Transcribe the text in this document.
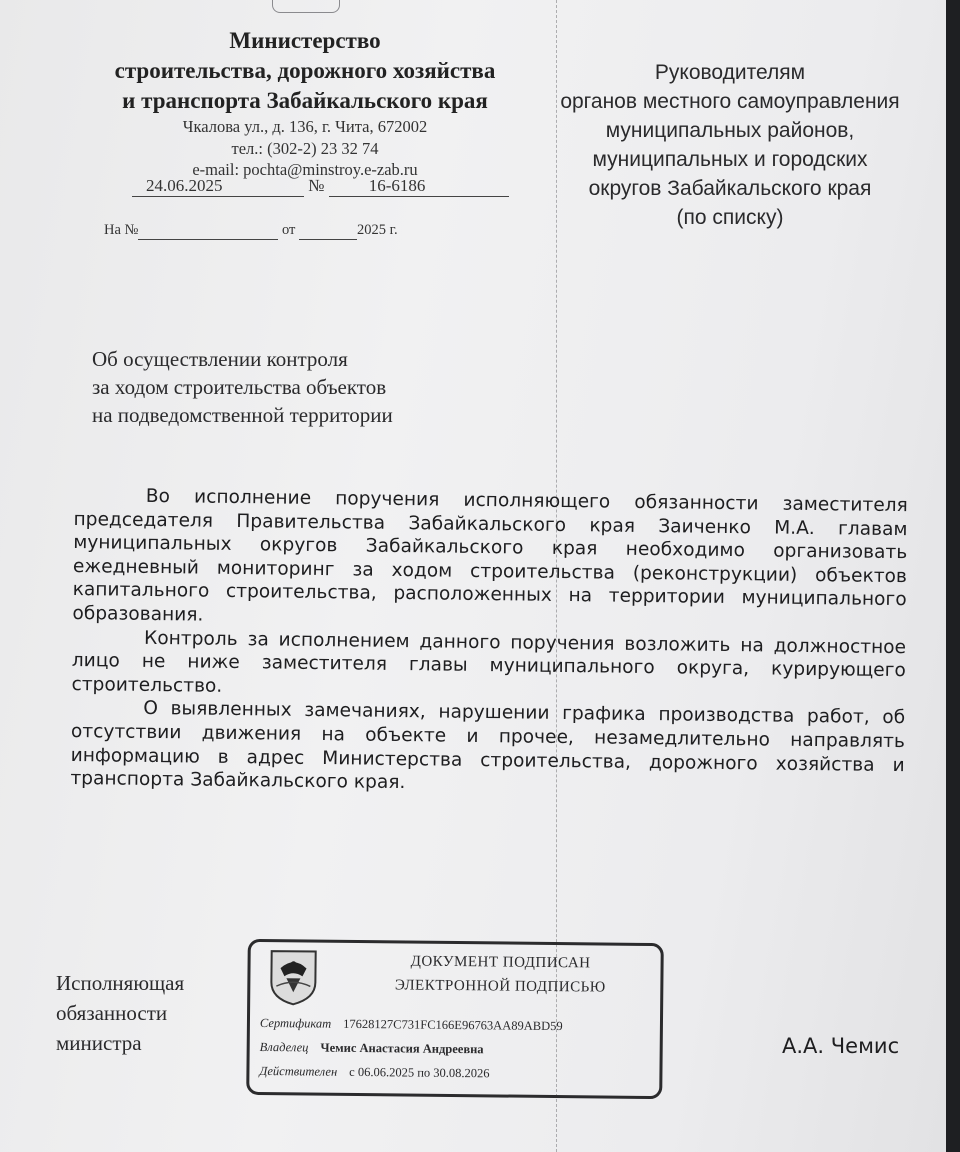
Министерство
строительства, дорожного хозяйства
и транспорта Забайкальского края
Чкалова ул., д. 136, г. Чита, 672002
тел.: (302-2) 23 32 74
e-mail: pochta@minstroy.e-zab.ru
24.06.2025	№	16-6186
На №	от	2025 г.
Руководителям
органов местного самоуправления
муниципальных районов,
муниципальных и городских
округов Забайкальского края
(по списку)
Об осуществлении контроля
за ходом строительства объектов
на подведомственной территории

Во исполнение поручения исполняющего обязанности заместителя председателя Правительства Забайкальского края Заиченко М.А. главам муниципальных округов Забайкальского края необходимо организовать ежедневный мониторинг за ходом строительства (реконструкции) объектов капитального строительства, расположенных на территории муниципального образования.

Контроль за исполнением данного поручения возложить на должностное лицо не ниже заместителя главы муниципального округа, курирующего строительство.

О выявленных замечаниях, нарушении графика производства работ, об отсутствии движения на объекте и прочее, незамедлительно направлять информацию в адрес Министерства строительства, дорожного хозяйства и транспорта Забайкальского края.

Исполняющая
обязанности
министра	А.А. Чемис
ДОКУМЕНТ ПОДПИСАН
ЭЛЕКТРОННОЙ ПОДПИСЬЮ
Сертификат 17628127C731FC166E96763AA89ABD59
Владелец Чемис Анастасия Андреевна
Действителен с 06.06.2025 по 30.08.2026
